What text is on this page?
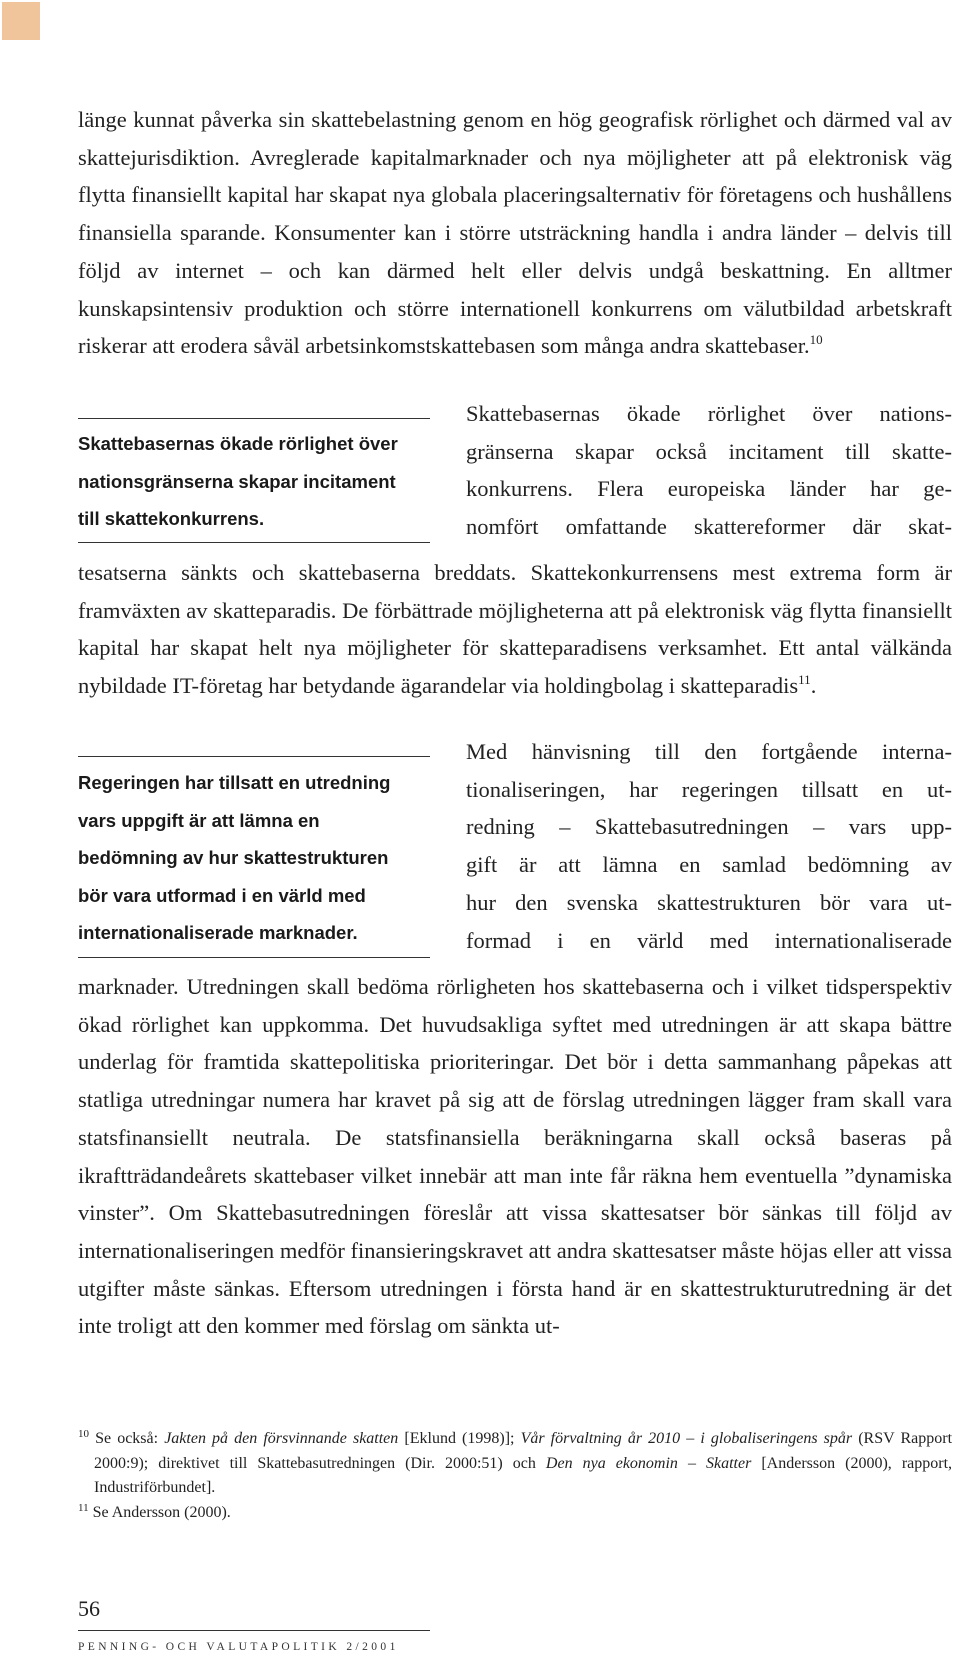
länge kunnat påverka sin skattebelastning genom en hög geografisk rörlighet och därmed val av skattejurisdiktion. Avreglerade kapitalmarknader och nya möjligheter att på elektronisk väg flytta finansiellt kapital har skapat nya globala placeringsalternativ för företagens och hushållens finansiella sparande. Konsumenter kan i större utsträckning handla i andra länder – delvis till följd av internet – och kan därmed helt eller delvis undgå beskattning. En alltmer kunskapsintensiv produktion och större internationell konkurrens om välutbildad arbetskraft riskerar att erodera såväl arbetsinkomstskattebasen som många andra skattebaser.$^{10}$

Skattebasernas ökade rörlighet över
nationsgränserna skapar incitament
till skattekonkurrens.
Skattebasernas ökade rörlighet över nations-
gränserna skapar också incitament till skatte-
konkurrens. Flera europeiska länder har ge-
nomfört omfattande skattereformer där skat-

tesatserna sänkts och skattebaserna breddats. Skattekonkurrensens mest extrema form är framväxten av skatteparadis. De förbättrade möjligheterna att på elektronisk väg flytta finansiellt kapital har skapat helt nya möjligheter för skatteparadisens verksamhet. Ett antal välkända nybildade IT-företag har betydande ägarandelar via holdingbolag i skatteparadis$^{11}$.

Regeringen har tillsatt en utredning
vars uppgift är att lämna en
bedömning av hur skattestrukturen
bör vara utformad i en värld med
internationaliserade marknader.
Med hänvisning till den fortgående interna-
tionaliseringen, har regeringen tillsatt en ut-
redning – Skattebasutredningen – vars upp-
gift är att lämna en samlad bedömning av
hur den svenska skattestrukturen bör vara ut-
formad i en värld med internationaliserade

marknader. Utredningen skall bedöma rörligheten hos skattebaserna och i vilket tidsperspektiv ökad rörlighet kan uppkomma. Det huvudsakliga syftet med utredningen är att skapa bättre underlag för framtida skattepolitiska prioriteringar. Det bör i detta sammanhang påpekas att statliga utredningar numera har kravet på sig att de förslag utredningen lägger fram skall vara statsfinansiellt neutrala. De statsfinansiella beräkningarna skall också baseras på ikraftträdandeårets skattebaser vilket innebär att man inte får räkna hem eventuella ”dynamiska vinster”. Om Skattebasutredningen föreslår att vissa skattesatser bör sänkas till följd av internationaliseringen medför finansieringskravet att andra skattesatser måste höjas eller att vissa utgifter måste sänkas. Eftersom utredningen i första hand är en skattestrukturutredning är det inte troligt att den kommer med förslag om sänkta ut-

$^{10}$ Se också: Jakten på den försvinnande skatten [Eklund (1998)]; Vår förvaltning år 2010 – i globaliseringens spår (RSV Rapport 2000:9); direktivet till Skattebasutredningen (Dir. 2000:51) och Den nya ekonomin – Skatter [Andersson (2000), rapport, Industriförbundet].

$^{11}$ Se Andersson (2000).

56
PENNING- OCH VALUTAPOLITIK 2/2001
